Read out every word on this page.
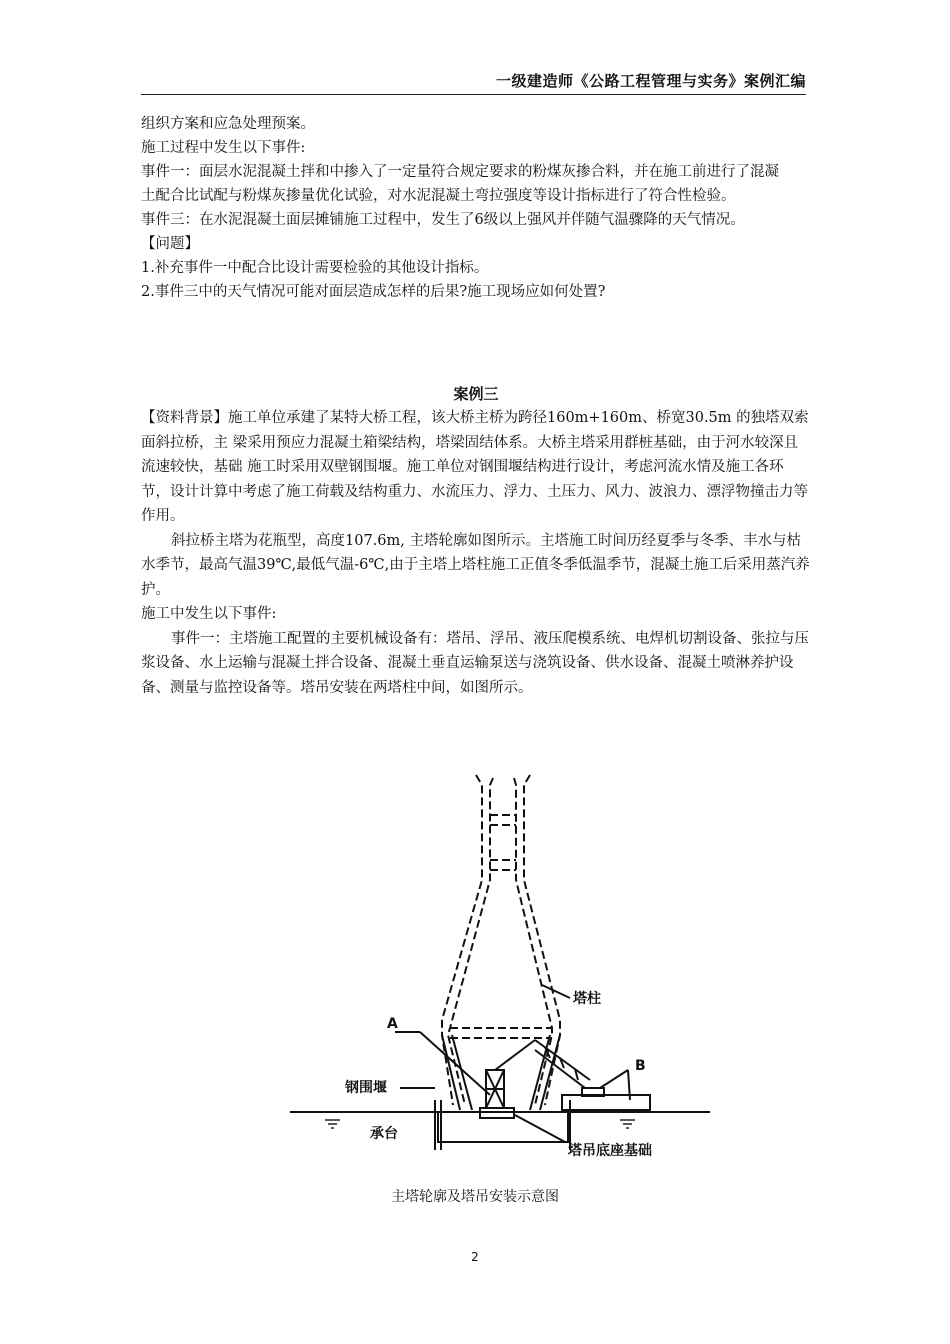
一级建造师《公路工程管理与实务》案例汇编

组织方案和应急处理预案。

施工过程中发生以下事件:

事件一：面层水泥混凝土拌和中掺入了一定量符合规定要求的粉煤灰掺合料，并在施工前进行了混凝

土配合比试配与粉煤灰掺量优化试验，对水泥混凝土弯拉强度等设计指标进行了符合性检验。

事件三：在水泥混凝土面层摊铺施工过程中，发生了6级以上强风并伴随气温骤降的天气情况。

【问题】

1.补充事件一中配合比设计需要检验的其他设计指标。

2.事件三中的天气情况可能对面层造成怎样的后果?施工现场应如何处置?

案例三

【资料背景】施工单位承建了某特大桥工程，该大桥主桥为跨径160m+160m、桥宽30.5m 的独塔双索面斜拉桥，主 梁采用预应力混凝土箱梁结构，塔梁固结体系。大桥主塔采用群桩基础，由于河水较深且流速较快，基础 施工时采用双壁钢围堰。施工单位对钢围堰结构进行设计，考虑河流水情及施工各环节，设计计算中考虑了施工荷载及结构重力、水流压力、浮力、土压力、风力、波浪力、漂浮物撞击力等作用。

斜拉桥主塔为花瓶型，高度107.6m, 主塔轮廓如图所示。主塔施工时间历经夏季与冬季、丰水与枯水季节，最高气温39℃,最低气温-6℃,由于主塔上塔柱施工正值冬季低温季节，混凝土施工后采用蒸汽养护。

施工中发生以下事件:

事件一：主塔施工配置的主要机械设备有：塔吊、浮吊、液压爬模系统、电焊机切割设备、张拉与压浆设备、水上运输与混凝土拌合设备、混凝土垂直运输泵送与浇筑设备、供水设备、混凝土喷淋养护设备、测量与监控设备等。塔吊安装在两塔柱中间，如图所示。

塔柱
A
B
钢围堰
承台
塔吊底座基础
主塔轮廓及塔吊安装示意图
2
